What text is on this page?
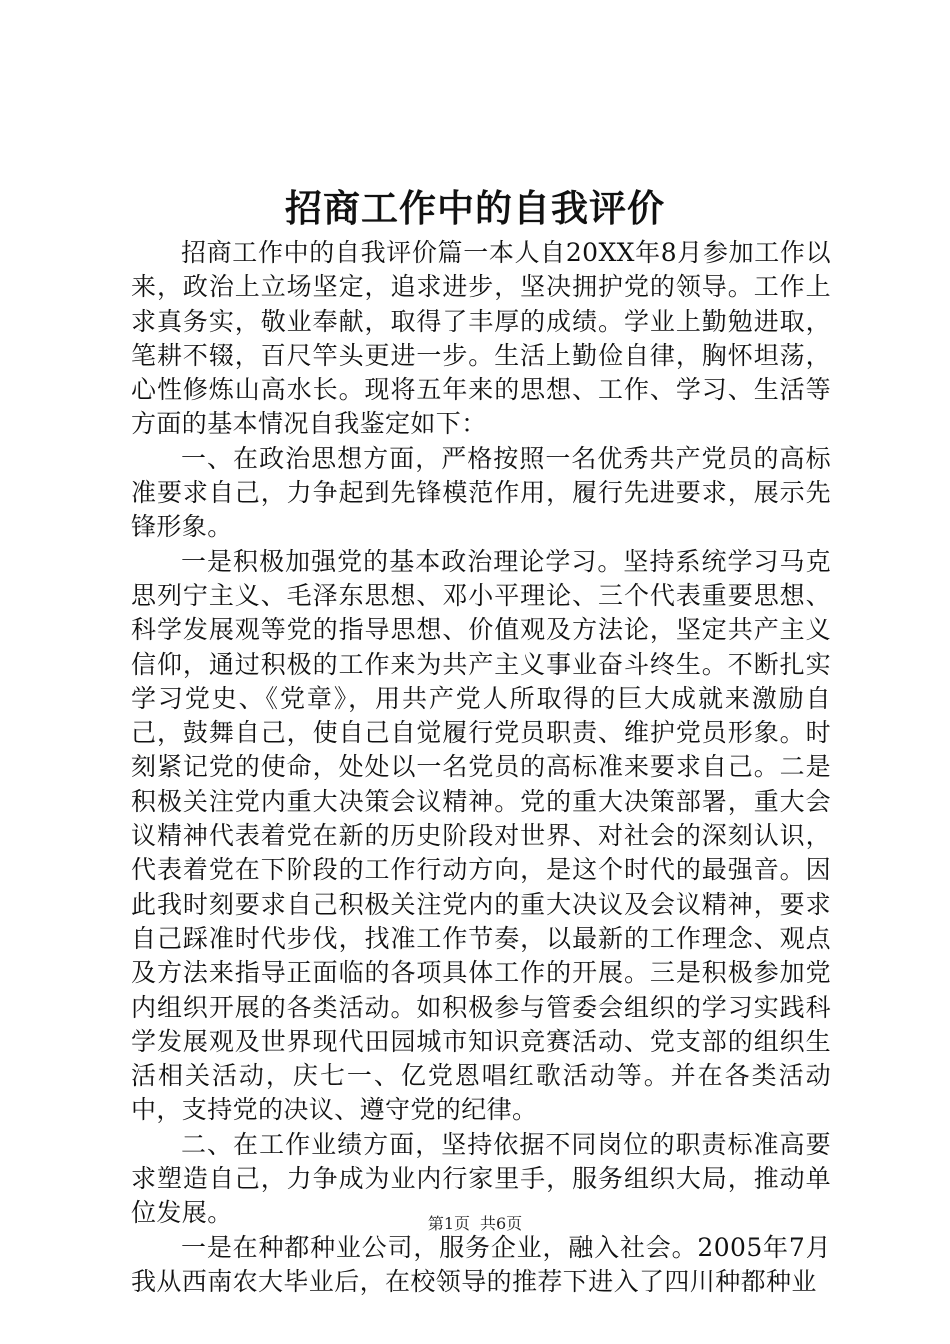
招商工作中的自我评价

招商工作中的自我评价篇一本人自20XX年8月参加工作以来，政治上立场坚定，追求进步，坚决拥护党的领导。工作上求真务实，敬业奉献，取得了丰厚的成绩。学业上勤勉进取，笔耕不辍，百尺竿头更进一步。生活上勤俭自律，胸怀坦荡，心性修炼山高水长。现将五年来的思想、工作、学习、生活等方面的基本情况自我鉴定如下：

一、在政治思想方面，严格按照一名优秀共产党员的高标准要求自己，力争起到先锋模范作用，履行先进要求，展示先锋形象。

一是积极加强党的基本政治理论学习。坚持系统学习马克思列宁主义、毛泽东思想、邓小平理论、三个代表重要思想、科学发展观等党的指导思想、价值观及方法论，坚定共产主义信仰，通过积极的工作来为共产主义事业奋斗终生。不断扎实学习党史、《党章》，用共产党人所取得的巨大成就来激励自己，鼓舞自己，使自己自觉履行党员职责、维护党员形象。时刻紧记党的使命，处处以一名党员的高标准来要求自己。二是积极关注党内重大决策会议精神。党的重大决策部署，重大会议精神代表着党在新的历史阶段对世界、对社会的深刻认识，代表着党在下阶段的工作行动方向，是这个时代的最强音。因此我时刻要求自己积极关注党内的重大决议及会议精神，要求自己踩准时代步伐，找准工作节奏，以最新的工作理念、观点及方法来指导正面临的各项具体工作的开展。三是积极参加党内组织开展的各类活动。如积极参与管委会组织的学习实践科学发展观及世界现代田园城市知识竞赛活动、党支部的组织生活相关活动，庆七一、亿党恩唱红歌活动等。并在各类活动中，支持党的决议、遵守党的纪律。

二、在工作业绩方面，坚持依据不同岗位的职责标准高要求塑造自己，力争成为业内行家里手，服务组织大局，推动单位发展。

一是在种都种业公司，服务企业，融入社会。2005年7月我从西南农大毕业后，在校领导的推荐下进入了四川种都种业

第1页 共6页
